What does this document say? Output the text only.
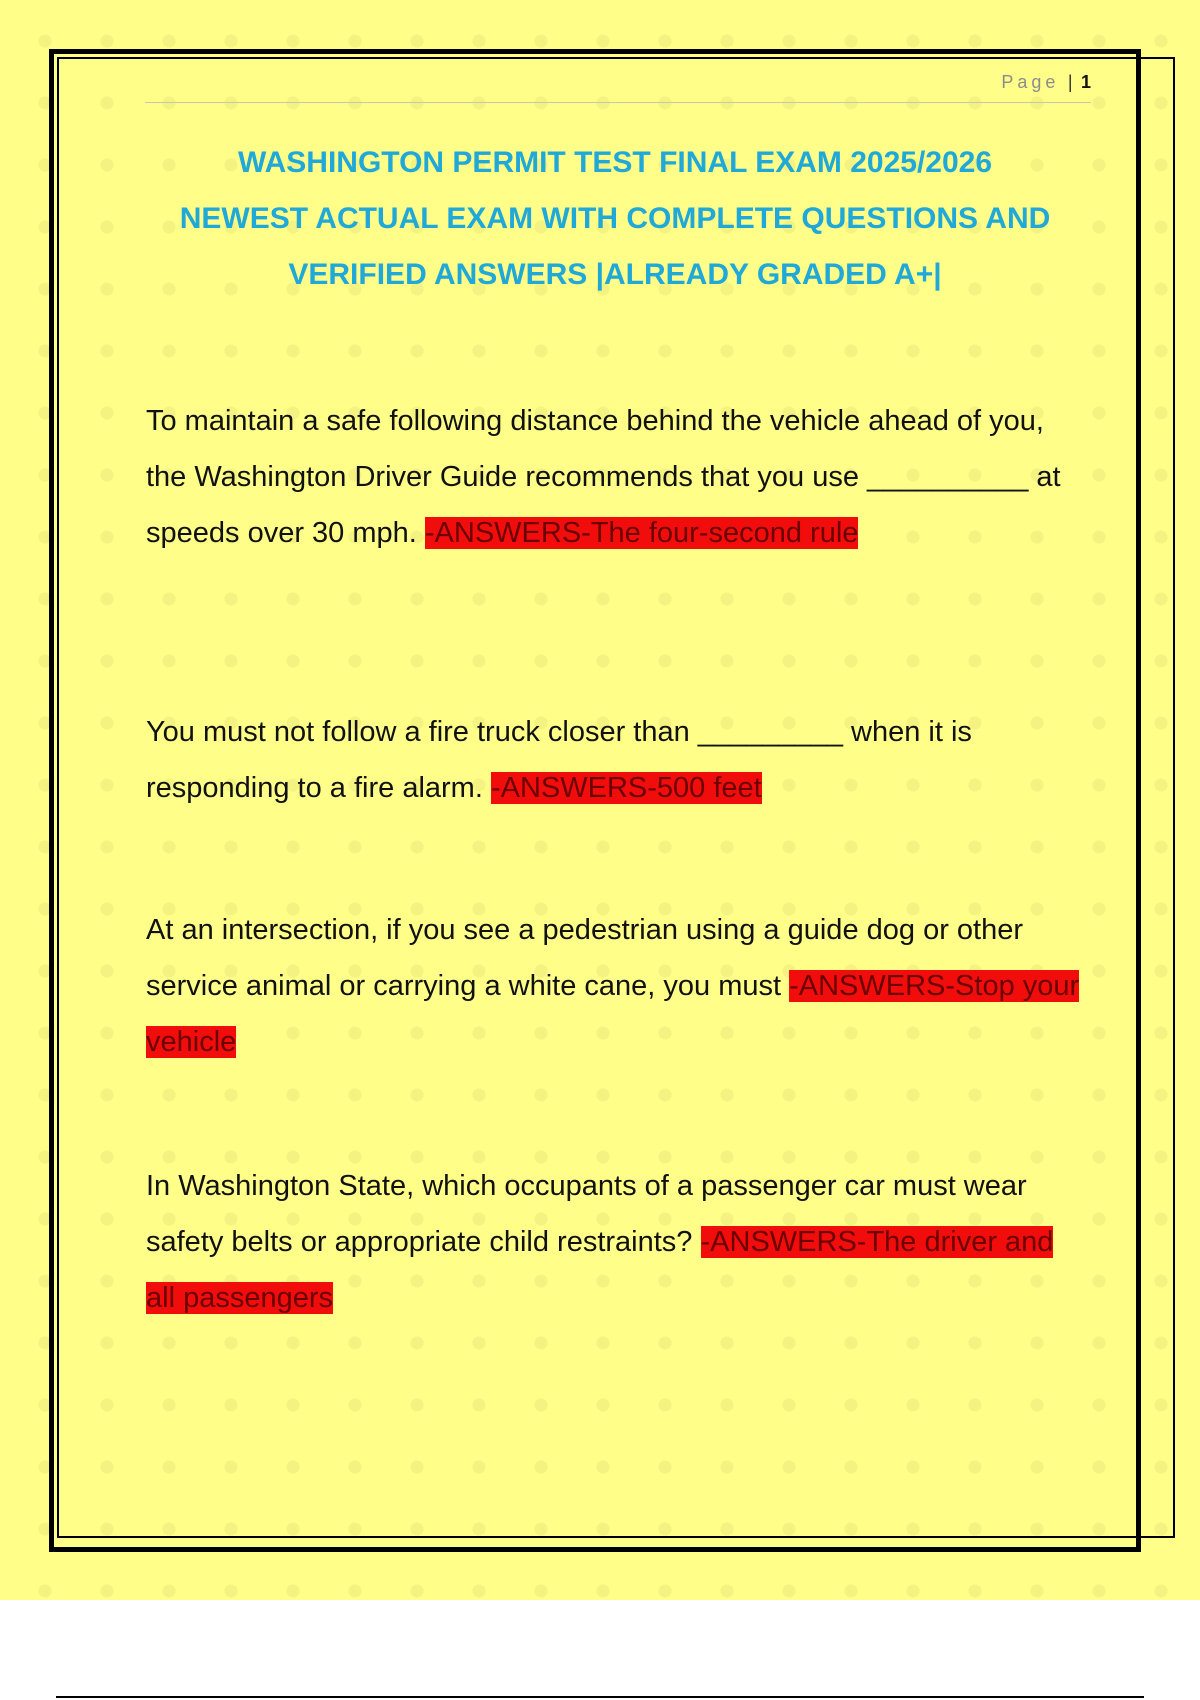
Page | 1
WASHINGTON PERMIT TEST FINAL EXAM 2025/2026
NEWEST ACTUAL EXAM WITH COMPLETE QUESTIONS AND
VERIFIED ANSWERS |ALREADY GRADED A+|

To maintain a safe following distance behind the vehicle ahead of you, the Washington Driver Guide recommends that you use __________ at speeds over 30 mph. -ANSWERS-The four-second rule

You must not follow a fire truck closer than _________ when it is responding to a fire alarm. -ANSWERS-500 feet

At an intersection, if you see a pedestrian using a guide dog or other service animal or carrying a white cane, you must -ANSWERS-Stop your vehicle

In Washington State, which occupants of a passenger car must wear safety belts or appropriate child restraints? -ANSWERS-The driver and all passengers
